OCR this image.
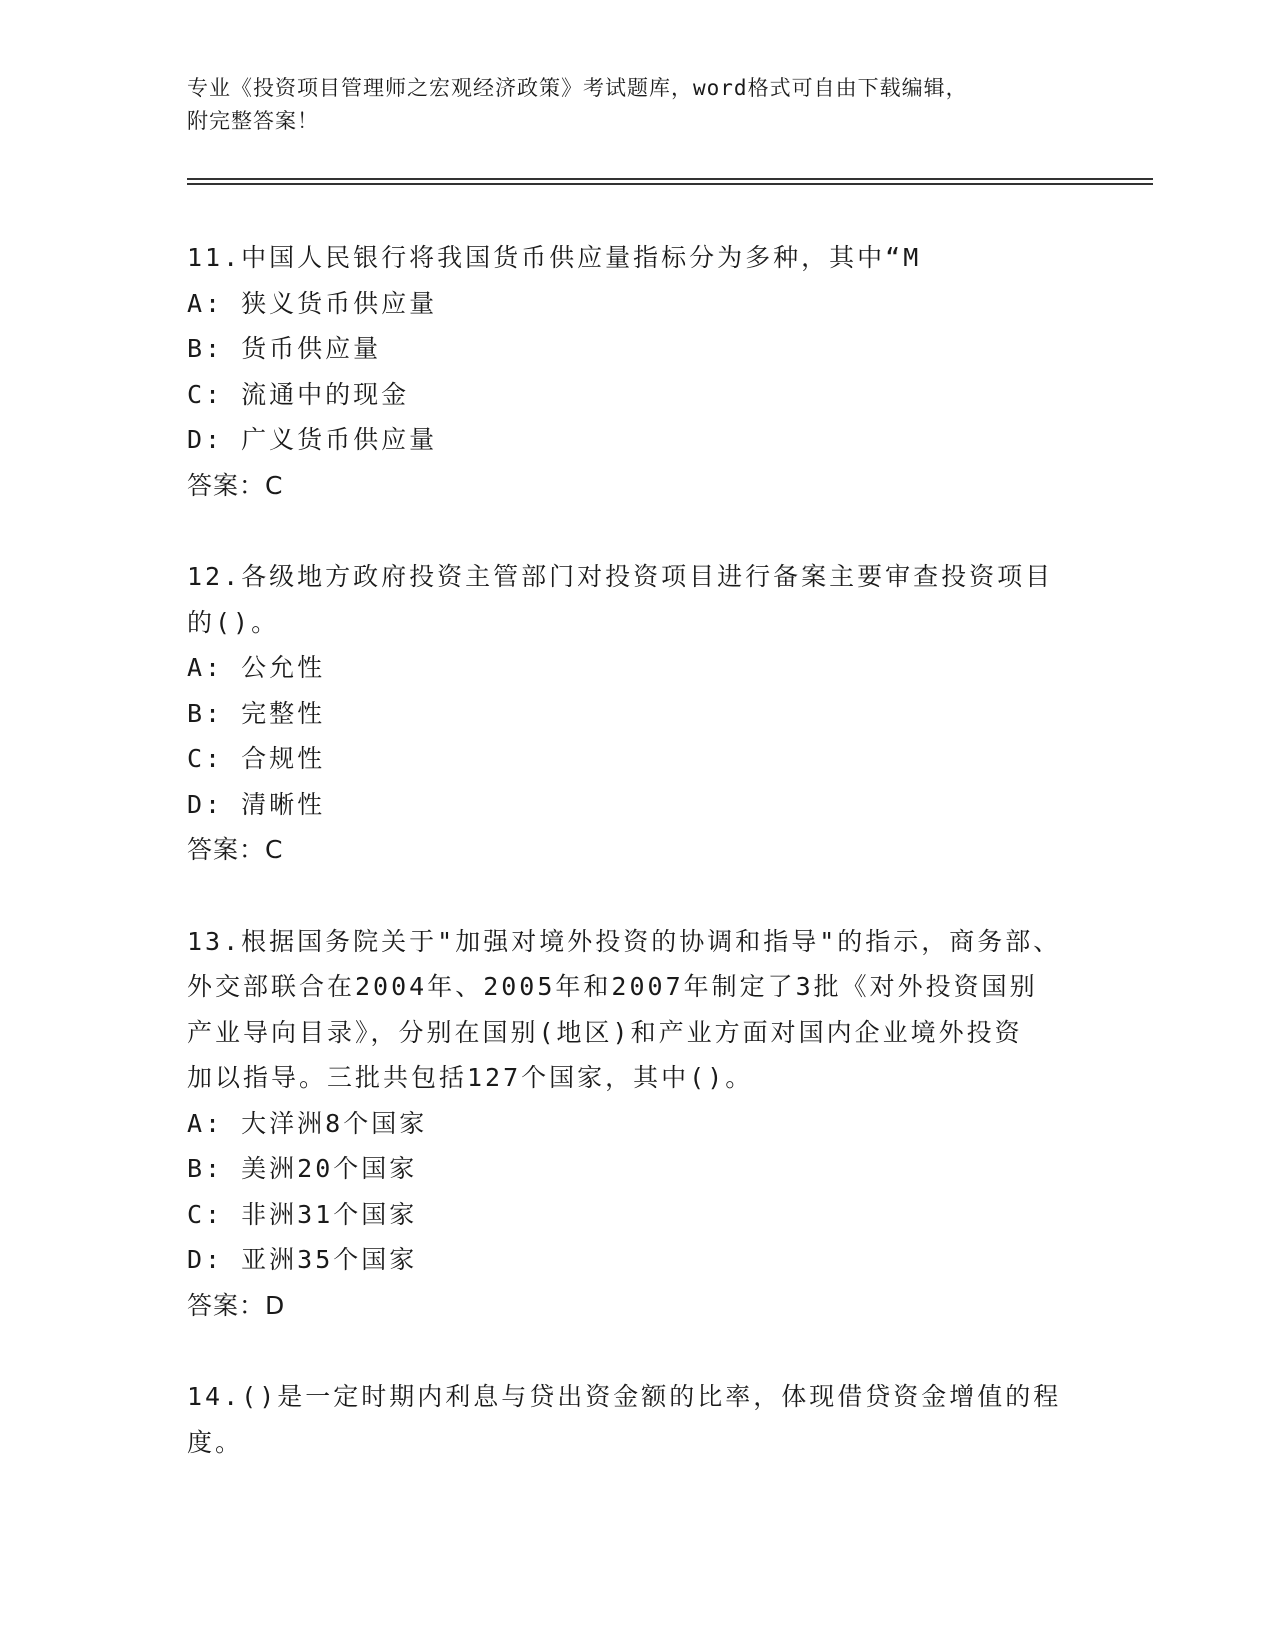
专业《投资项目管理师之宏观经济政策》考试题库，word格式可自由下载编辑，

附完整答案！

11.中国人民银行将我国货币供应量指标分为多种，其中“M

A: 狭义货币供应量

B: 货币供应量

C: 流通中的现金

D: 广义货币供应量

答案：C

12.各级地方政府投资主管部门对投资项目进行备案主要审查投资项目

的()。

A: 公允性

B: 完整性

C: 合规性

D: 清晰性

答案：C

13.根据国务院关于"加强对境外投资的协调和指导"的指示，商务部、

外交部联合在2004年、2005年和2007年制定了3批《对外投资国别

产业导向目录》，分别在国别(地区)和产业方面对国内企业境外投资

加以指导。三批共包括127个国家，其中()。

A: 大洋洲8个国家

B: 美洲20个国家

C: 非洲31个国家

D: 亚洲35个国家

答案：D

14.()是一定时期内利息与贷出资金额的比率，体现借贷资金增值的程

度。
